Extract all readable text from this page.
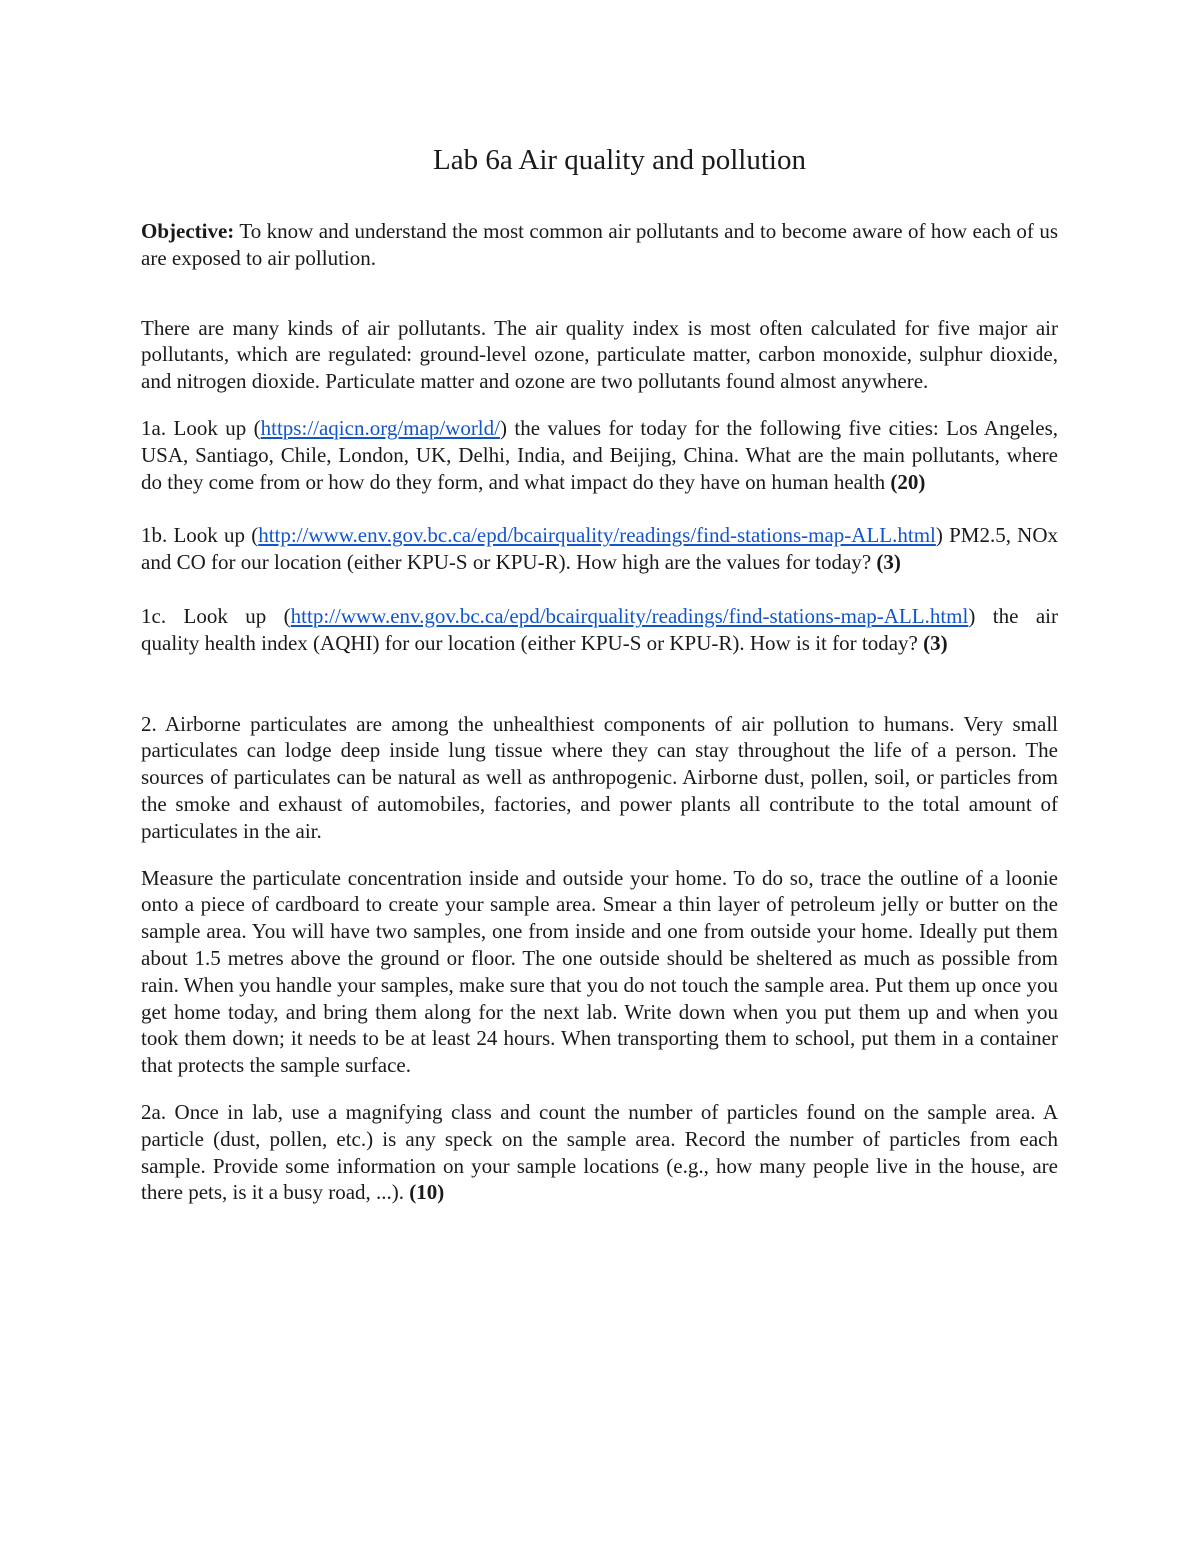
Lab 6a Air quality and pollution

Objective: To know and understand the most common air pollutants and to become aware of how each of us are exposed to air pollution.

There are many kinds of air pollutants. The air quality index is most often calculated for five major air pollutants, which are regulated: ground-level ozone, particulate matter, carbon monoxide, sulphur dioxide, and nitrogen dioxide. Particulate matter and ozone are two pollutants found almost anywhere.

1a. Look up (https://aqicn.org/map/world/) the values for today for the following five cities: Los Angeles, USA, Santiago, Chile, London, UK, Delhi, India, and Beijing, China. What are the main pollutants, where do they come from or how do they form, and what impact do they have on human health (20)

1b. Look up (http://www.env.gov.bc.ca/epd/bcairquality/readings/find-stations-map-ALL.html) PM2.5, NOx and CO for our location (either KPU-S or KPU-R). How high are the values for today? (3)

1c. Look up (http://www.env.gov.bc.ca/epd/bcairquality/readings/find-stations-map-ALL.html) the air quality health index (AQHI) for our location (either KPU-S or KPU-R). How is it for today? (3)

2. Airborne particulates are among the unhealthiest components of air pollution to humans. Very small particulates can lodge deep inside lung tissue where they can stay throughout the life of a person. The sources of particulates can be natural as well as anthropogenic. Airborne dust, pollen, soil, or particles from the smoke and exhaust of automobiles, factories, and power plants all contribute to the total amount of particulates in the air.

Measure the particulate concentration inside and outside your home. To do so, trace the outline of a loonie onto a piece of cardboard to create your sample area. Smear a thin layer of petroleum jelly or butter on the sample area. You will have two samples, one from inside and one from outside your home. Ideally put them about 1.5 metres above the ground or floor. The one outside should be sheltered as much as possible from rain. When you handle your samples, make sure that you do not touch the sample area. Put them up once you get home today, and bring them along for the next lab. Write down when you put them up and when you took them down; it needs to be at least 24 hours. When transporting them to school, put them in a container that protects the sample surface.

2a. Once in lab, use a magnifying class and count the number of particles found on the sample area. A particle (dust, pollen, etc.) is any speck on the sample area. Record the number of particles from each sample. Provide some information on your sample locations (e.g., how many people live in the house, are there pets, is it a busy road, ...). (10)
